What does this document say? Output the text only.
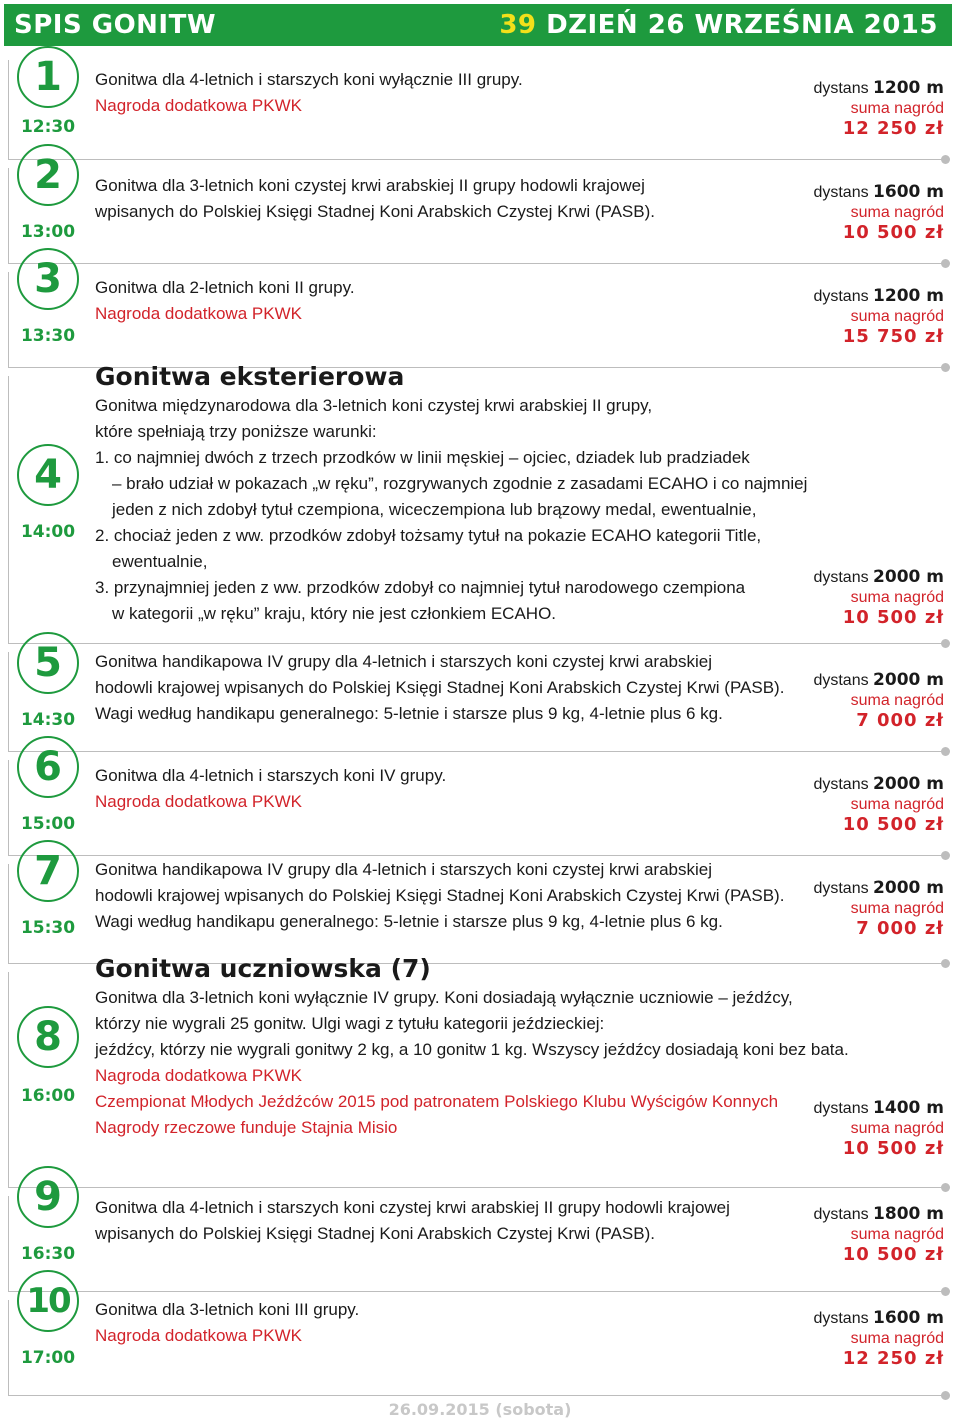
SPIS GONITW	39 DZIEŃ 26 WRZEŚNIA 2015
1
12:30
Gonitwa dla 4-letnich i starszych koni wyłącznie III grupy.
Nagroda dodatkowa PKWK
dystans 1200 m
suma nagród
12 250 zł
2
13:00
Gonitwa dla 3-letnich koni czystej krwi arabskiej II grupy hodowli krajowej
wpisanych do Polskiej Księgi Stadnej Koni Arabskich Czystej Krwi (PASB).
dystans 1600 m
suma nagród
10 500 zł
3
13:30
Gonitwa dla 2-letnich koni II grupy.
Nagroda dodatkowa PKWK
dystans 1200 m
suma nagród
15 750 zł
4
14:00
Gonitwa eksterierowa
Gonitwa międzynarodowa dla 3-letnich koni czystej krwi arabskiej II grupy,
które spełniają trzy poniższe warunki:
1. co najmniej dwóch z trzech przodków w linii męskiej – ojciec, dziadek lub pradziadek
– brało udział w pokazach „w ręku”, rozgrywanych zgodnie z zasadami ECAHO i co najmniej
jeden z nich zdobył tytuł czempiona, wiceczempiona lub brązowy medal, ewentualnie,
2. chociaż jeden z ww. przodków zdobył tożsamy tytuł na pokazie ECAHO kategorii Title,
ewentualnie,
3. przynajmniej jeden z ww. przodków zdobył co najmniej tytuł narodowego czempiona
w kategorii „w ręku” kraju, który nie jest członkiem ECAHO.
dystans 2000 m
suma nagród
10 500 zł
5
14:30
Gonitwa handikapowa IV grupy dla 4-letnich i starszych koni czystej krwi arabskiej
hodowli krajowej wpisanych do Polskiej Księgi Stadnej Koni Arabskich Czystej Krwi (PASB).
Wagi według handikapu generalnego: 5-letnie i starsze plus 9 kg, 4-letnie plus 6 kg.
dystans 2000 m
suma nagród
7 000 zł
6
15:00
Gonitwa dla 4-letnich i starszych koni IV grupy.
Nagroda dodatkowa PKWK
dystans 2000 m
suma nagród
10 500 zł
7
15:30
Gonitwa handikapowa IV grupy dla 4-letnich i starszych koni czystej krwi arabskiej
hodowli krajowej wpisanych do Polskiej Księgi Stadnej Koni Arabskich Czystej Krwi (PASB).
Wagi według handikapu generalnego: 5-letnie i starsze plus 9 kg, 4-letnie plus 6 kg.
dystans 2000 m
suma nagród
7 000 zł
8
16:00
Gonitwa uczniowska (7)
Gonitwa dla 3-letnich koni wyłącznie IV grupy. Koni dosiadają wyłącznie uczniowie – jeźdźcy,
którzy nie wygrali 25 gonitw. Ulgi wagi z tytułu kategorii jeździeckiej:
jeźdźcy, którzy nie wygrali gonitwy 2 kg, a 10 gonitw 1 kg. Wszyscy jeźdźcy dosiadają koni bez bata.
Nagroda dodatkowa PKWK
Czempionat Młodych Jeźdźców 2015 pod patronatem Polskiego Klubu Wyścigów Konnych
Nagrody rzeczowe funduje Stajnia Misio
dystans 1400 m
suma nagród
10 500 zł
9
16:30
Gonitwa dla 4-letnich i starszych koni czystej krwi arabskiej II grupy hodowli krajowej
wpisanych do Polskiej Księgi Stadnej Koni Arabskich Czystej Krwi (PASB).
dystans 1800 m
suma nagród
10 500 zł
10
17:00
Gonitwa dla 3-letnich koni III grupy.
Nagroda dodatkowa PKWK
dystans 1600 m
suma nagród
12 250 zł
26.09.2015 (sobota)
